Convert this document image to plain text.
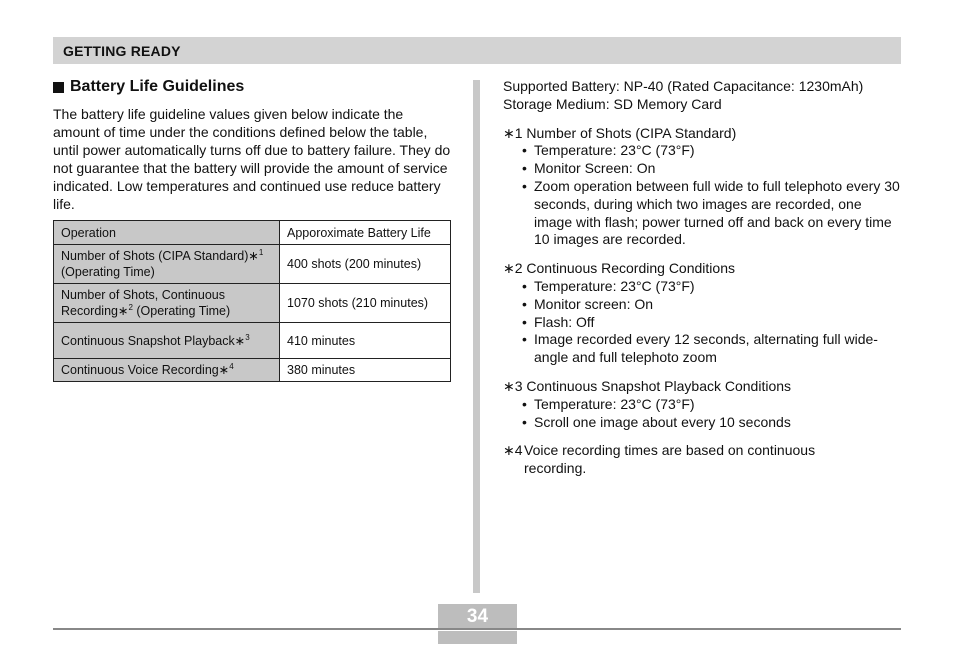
GETTING READY
Battery Life Guidelines

The battery life guideline values given below indicate the amount of time under the conditions defined below the table, until power automatically turns off due to battery failure. They do not guarantee that the battery will provide the amount of service indicated. Low temperatures and continued use reduce battery life.

Operation	Apporoximate Battery Life
Number of Shots (CIPA Standard)∗$^1$ (Operating Time)	400 shots (200 minutes)
Number of Shots, Continuous Recording∗$^2$ (Operating Time)	1070 shots (210 minutes)
Continuous Snapshot Playback∗$^3$	410 minutes
Continuous Voice Recording∗$^4$	380 minutes

Supported Battery: NP-40 (Rated Capacitance: 1230mAh)

Storage Medium: SD Memory Card

∗1 Number of Shots (CIPA Standard)
• Temperature: 23°C (73°F)
• Monitor Screen: On
• Zoom operation between full wide to full telephoto every 30 seconds, during which two images are recorded, one image with flash; power turned off and back on every time 10 images are recorded.

∗2 Continuous Recording Conditions
• Temperature: 23°C (73°F)
• Monitor screen: On
• Flash: Off
• Image recorded every 12 seconds, alternating full wide-angle and full telephoto zoom

∗3 Continuous Snapshot Playback Conditions
• Temperature: 23°C (73°F)
• Scroll one image about every 10 seconds

∗4 Voice recording times are based on continuous recording.

34
